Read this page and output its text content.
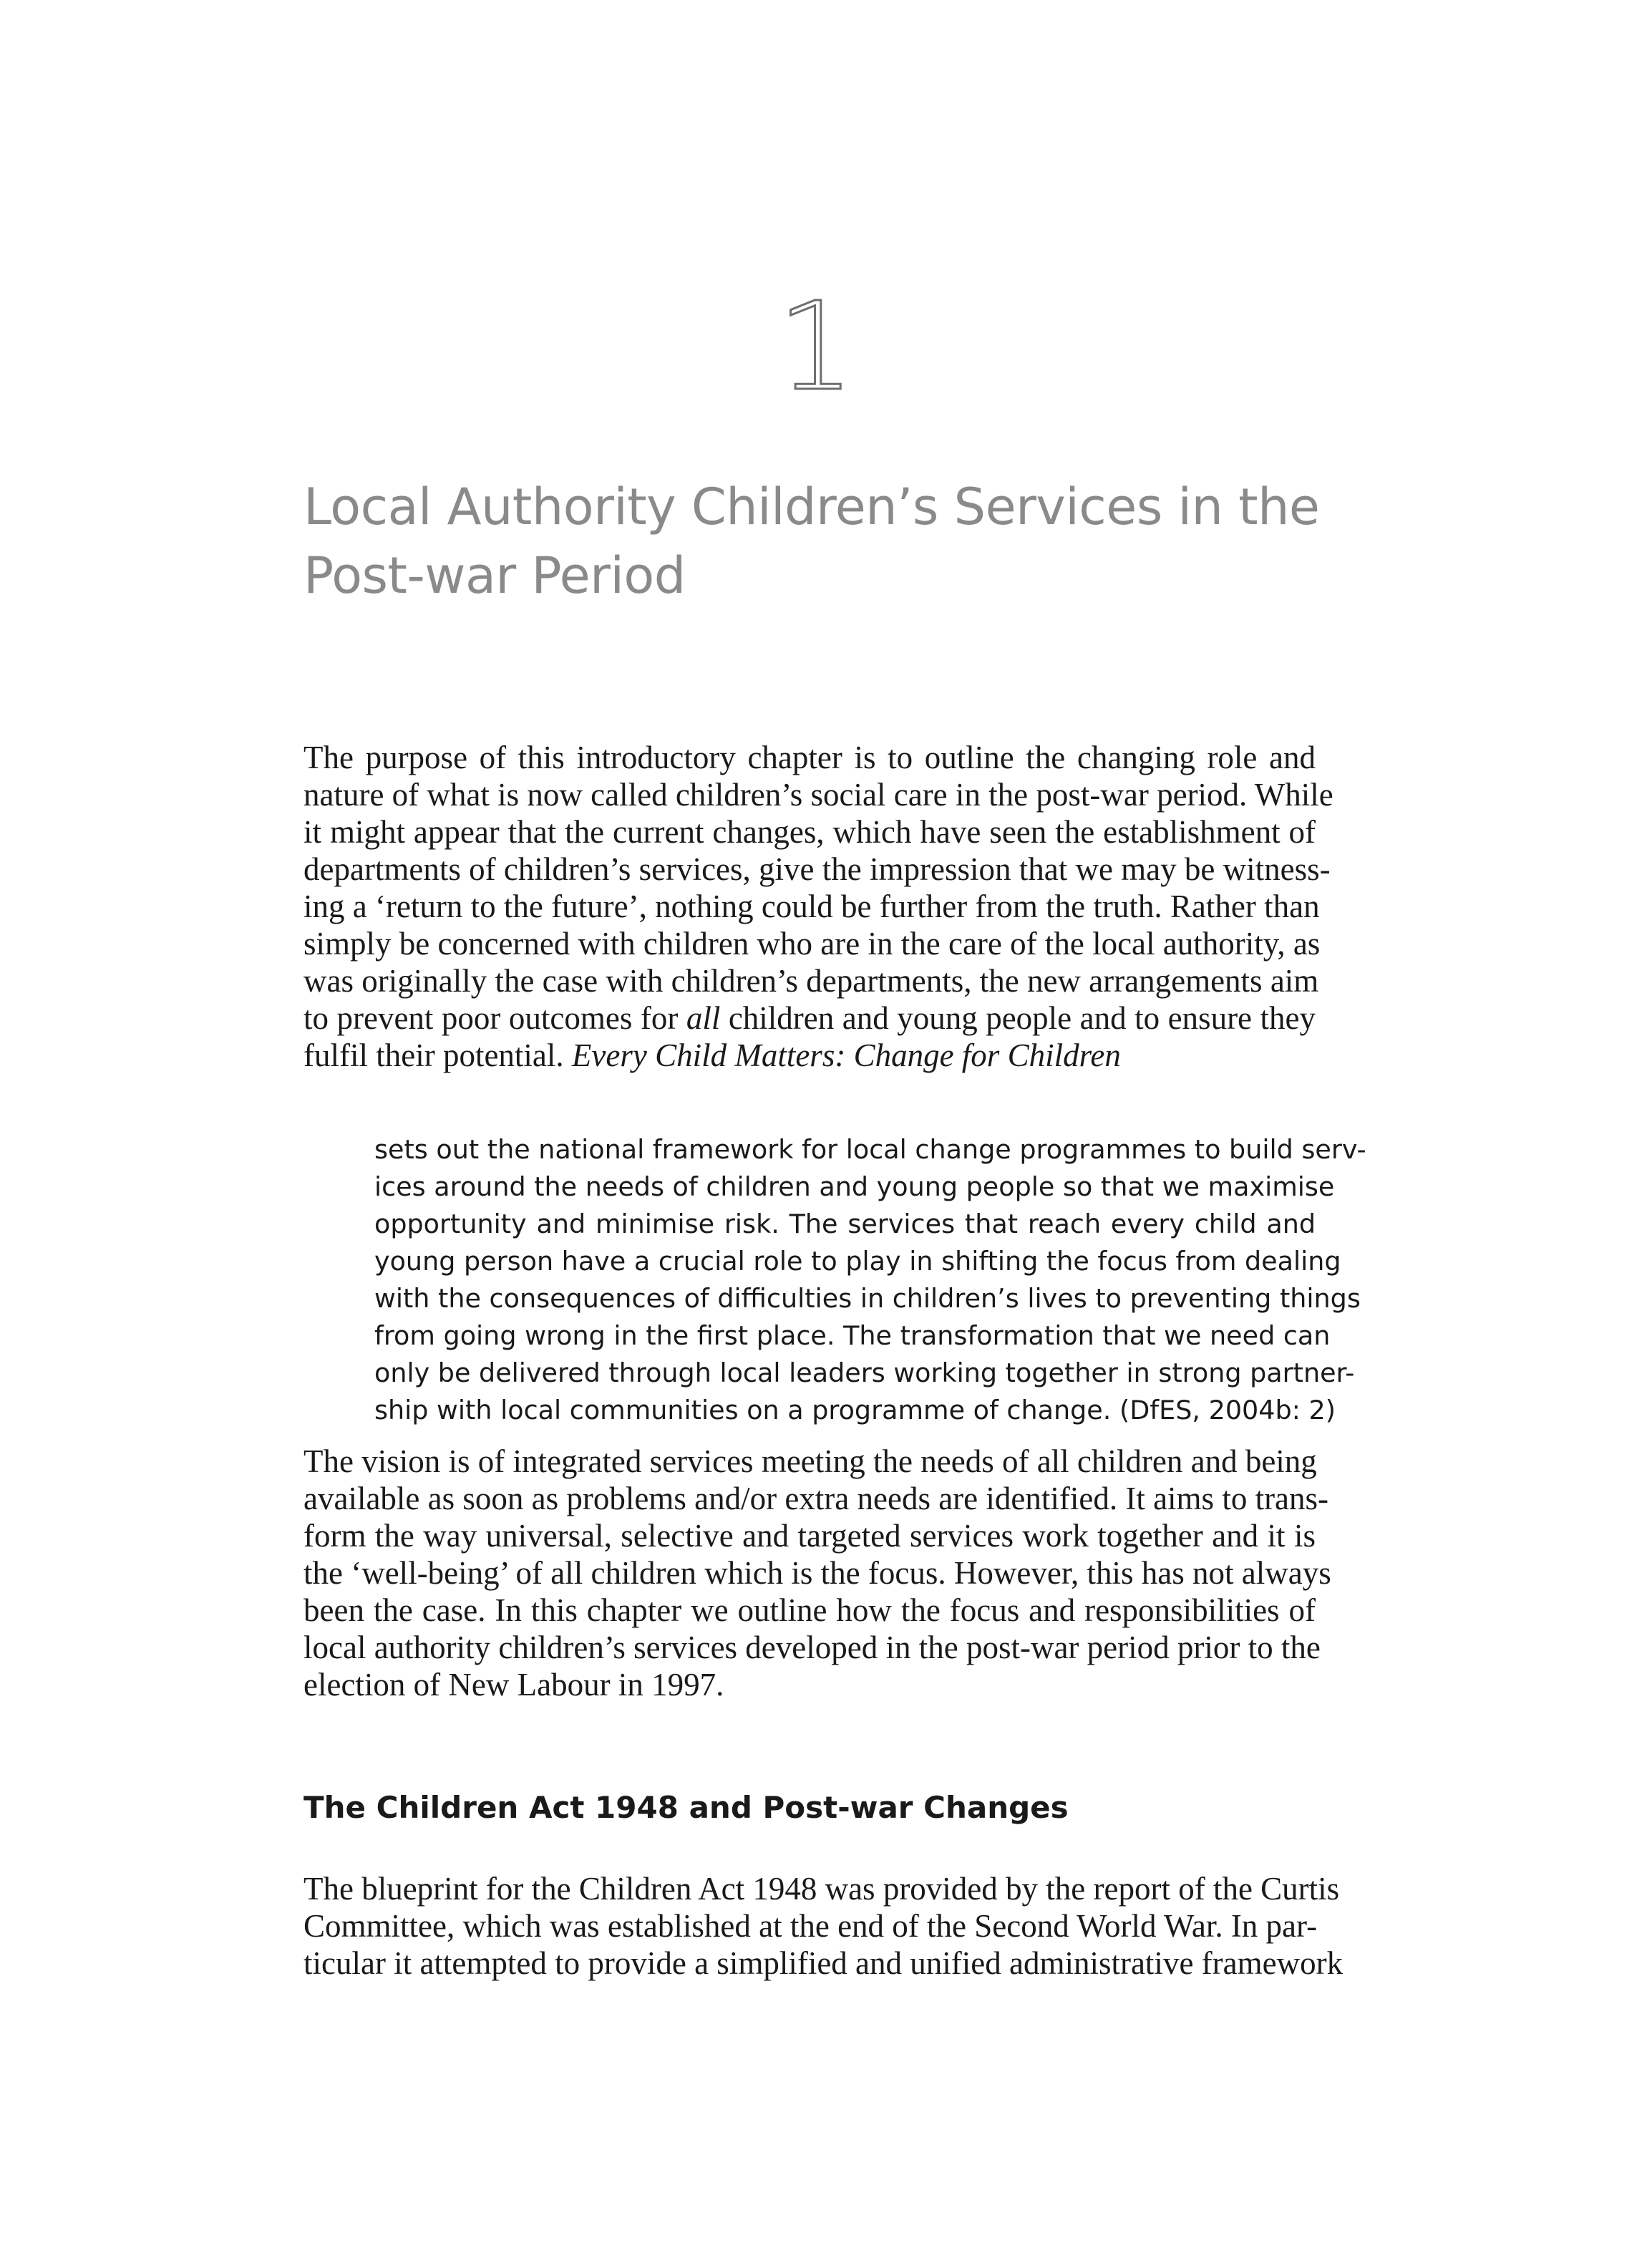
1
Local Authority Children’s Services in the
Post-war Period
The purpose of this introductory chapter is to outline the changing role and
nature of what is now called children’s social care in the post-war period. While
it might appear that the current changes, which have seen the establishment of
departments of children’s services, give the impression that we may be witness-
ing a ‘return to the future’, nothing could be further from the truth. Rather than
simply be concerned with children who are in the care of the local authority, as
was originally the case with children’s departments, the new arrangements aim
to prevent poor outcomes for all children and young people and to ensure they
fulfil their potential. Every Child Matters: Change for Children
sets out the national framework for local change programmes to build serv-
ices around the needs of children and young people so that we maximise
opportunity and minimise risk. The services that reach every child and
young person have a crucial role to play in shifting the focus from dealing
with the consequences of difficulties in children’s lives to preventing things
from going wrong in the first place. The transformation that we need can
only be delivered through local leaders working together in strong partner-
ship with local communities on a programme of change. (DfES, 2004b: 2)
The vision is of integrated services meeting the needs of all children and being
available as soon as problems and/or extra needs are identified. It aims to trans-
form the way universal, selective and targeted services work together and it is
the ‘well-being’ of all children which is the focus. However, this has not always
been the case. In this chapter we outline how the focus and responsibilities of
local authority children’s services developed in the post-war period prior to the
election of New Labour in 1997.
The Children Act 1948 and Post-war Changes
The blueprint for the Children Act 1948 was provided by the report of the Curtis
Committee, which was established at the end of the Second World War. In par-
ticular it attempted to provide a simplified and unified administrative framework
